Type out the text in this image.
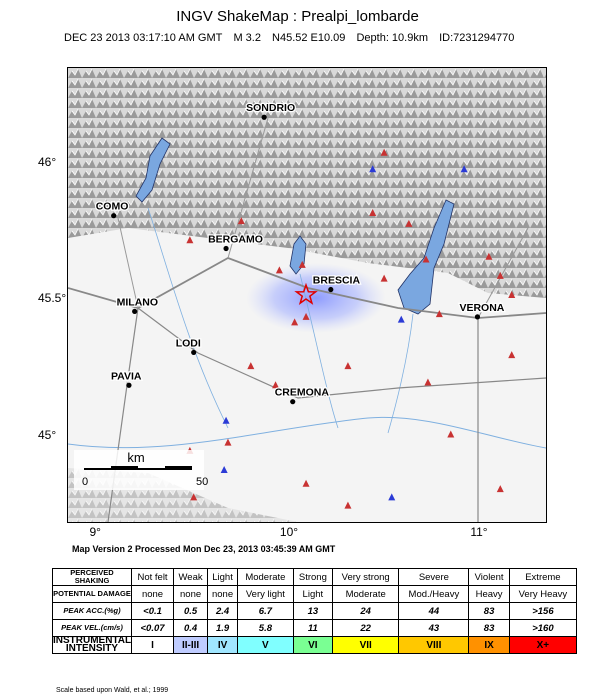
INGV ShakeMap : Prealpi_lombarde
DEC 23 2013 03:17:10 AM GMT M 3.2 N45.52 E10.09 Depth: 10.9km ID:7231294770
SONDRIO
COMO
BERGAMO
BRESCIA
MILANO	VERONA
LODI
PAVIA
CREMONA
km
0	50
46°
45.5°
45°
9°	10°	11°
Map Version 2 Processed Mon Dec 23, 2013 03:45:39 AM GMT
PERCEIVED SHAKING	Not felt	Weak	Light	Moderate	Strong	Very strong	Severe	Violent	Extreme
POTENTIAL DAMAGE	none	none	none	Very light	Light	Moderate	Mod./Heavy	Heavy	Very Heavy
PEAK ACC.(%g)	<0.1	0.5	2.4	6.7	13	24	44	83	>156
PEAK VEL.(cm/s)	<0.07	0.4	1.9	5.8	11	22	43	83	>160
INSTRUMENTAL INTENSITY	I	II-III	IV	V	VI	VII	VIII	IX	X+
Scale based upon Wald, et al.; 1999
